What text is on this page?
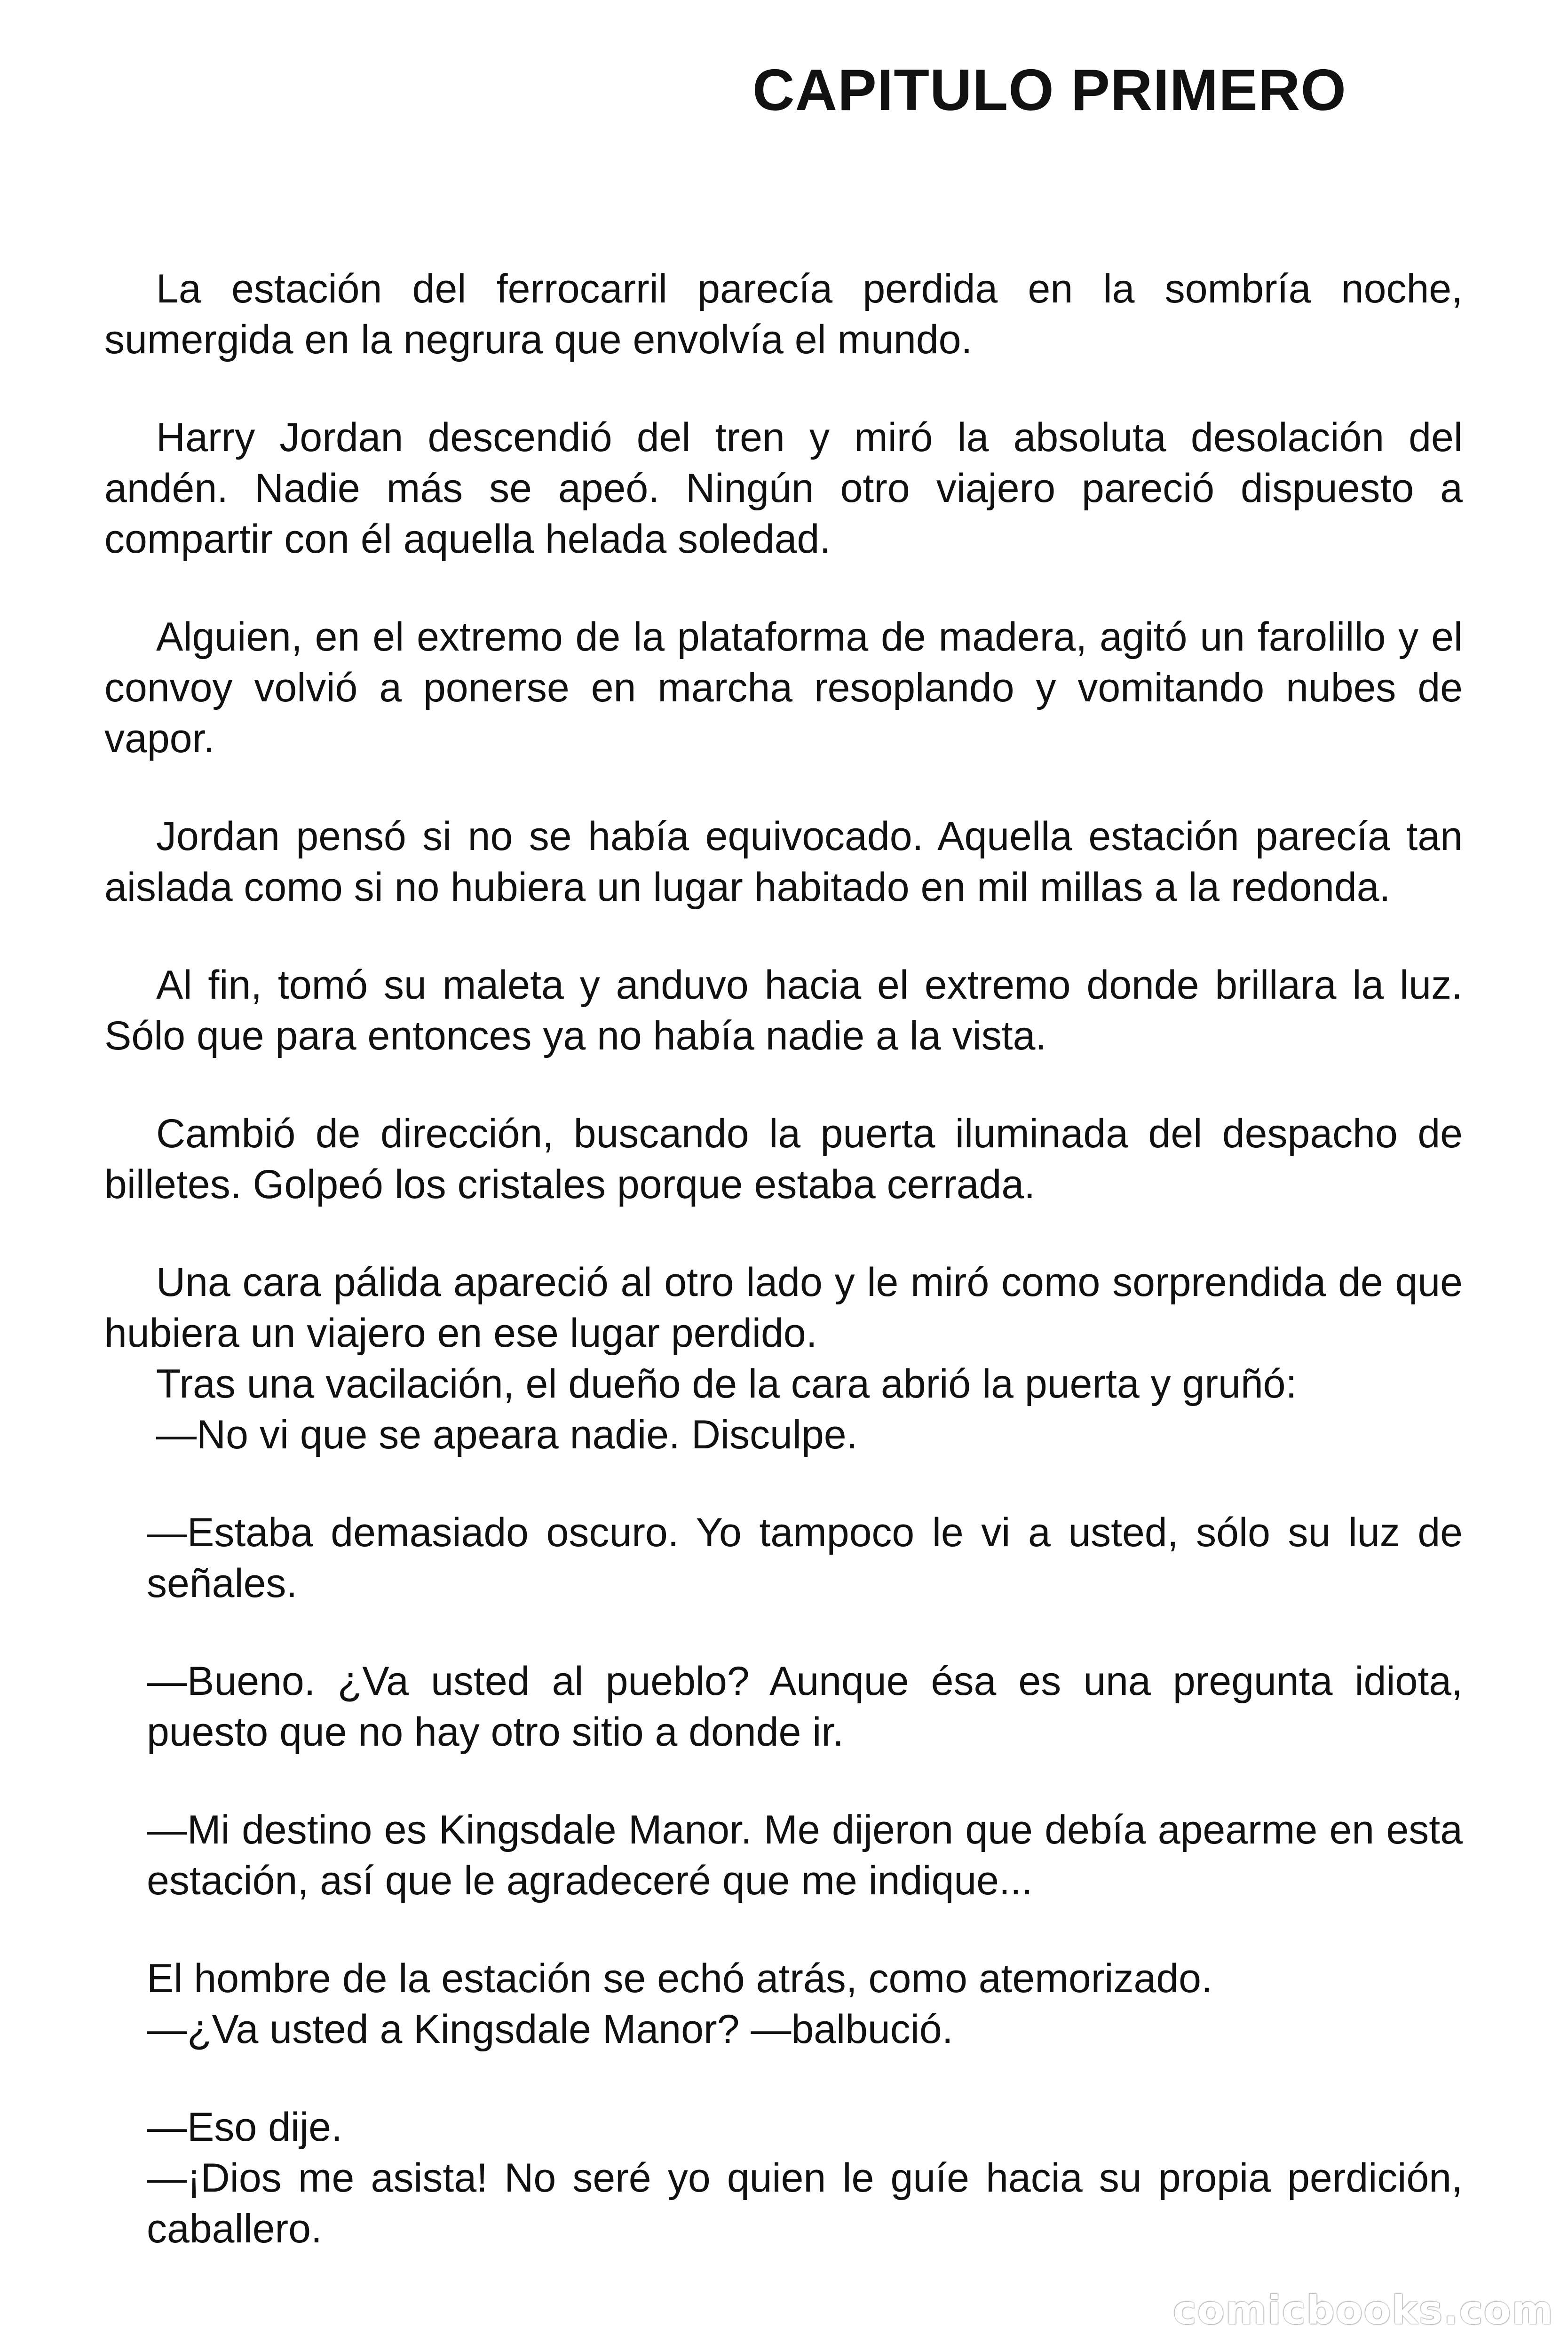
CAPITULO PRIMERO

La estación del ferrocarril parecía perdida en la sombría noche, sumergida en la negrura que envolvía el mundo.

Harry Jordan descendió del tren y miró la absoluta desolación del andén. Nadie más se apeó. Ningún otro viajero pareció dispuesto a compartir con él aquella helada soledad.

Alguien, en el extremo de la plataforma de madera, agitó un farolillo y el convoy volvió a ponerse en marcha resoplando y vomitando nubes de vapor.

Jordan pensó si no se había equivocado. Aquella estación parecía tan aislada como si no hubiera un lugar habitado en mil millas a la redonda.

Al fin, tomó su maleta y anduvo hacia el extremo donde brillara la luz. Sólo que para entonces ya no había nadie a la vista.

Cambió de dirección, buscando la puerta iluminada del despacho de billetes. Golpeó los cristales porque estaba cerrada.

Una cara pálida apareció al otro lado y le miró como sorprendida de que hubiera un viajero en ese lugar perdido.

Tras una vacilación, el dueño de la cara abrió la puerta y gruñó:

—No vi que se apeara nadie. Disculpe.

—Estaba demasiado oscuro. Yo tampoco le vi a usted, sólo su luz de señales.

—Bueno. ¿Va usted al pueblo? Aunque ésa es una pregunta idiota, puesto que no hay otro sitio a donde ir.

—Mi destino es Kingsdale Manor. Me dijeron que debía apearme en esta estación, así que le agradeceré que me indique...

El hombre de la estación se echó atrás, como atemorizado.

—¿Va usted a Kingsdale Manor? —balbució.

—Eso dije.

—¡Dios me asista! No seré yo quien le guíe hacia su propia perdición, caballero.

comicbooks.com
